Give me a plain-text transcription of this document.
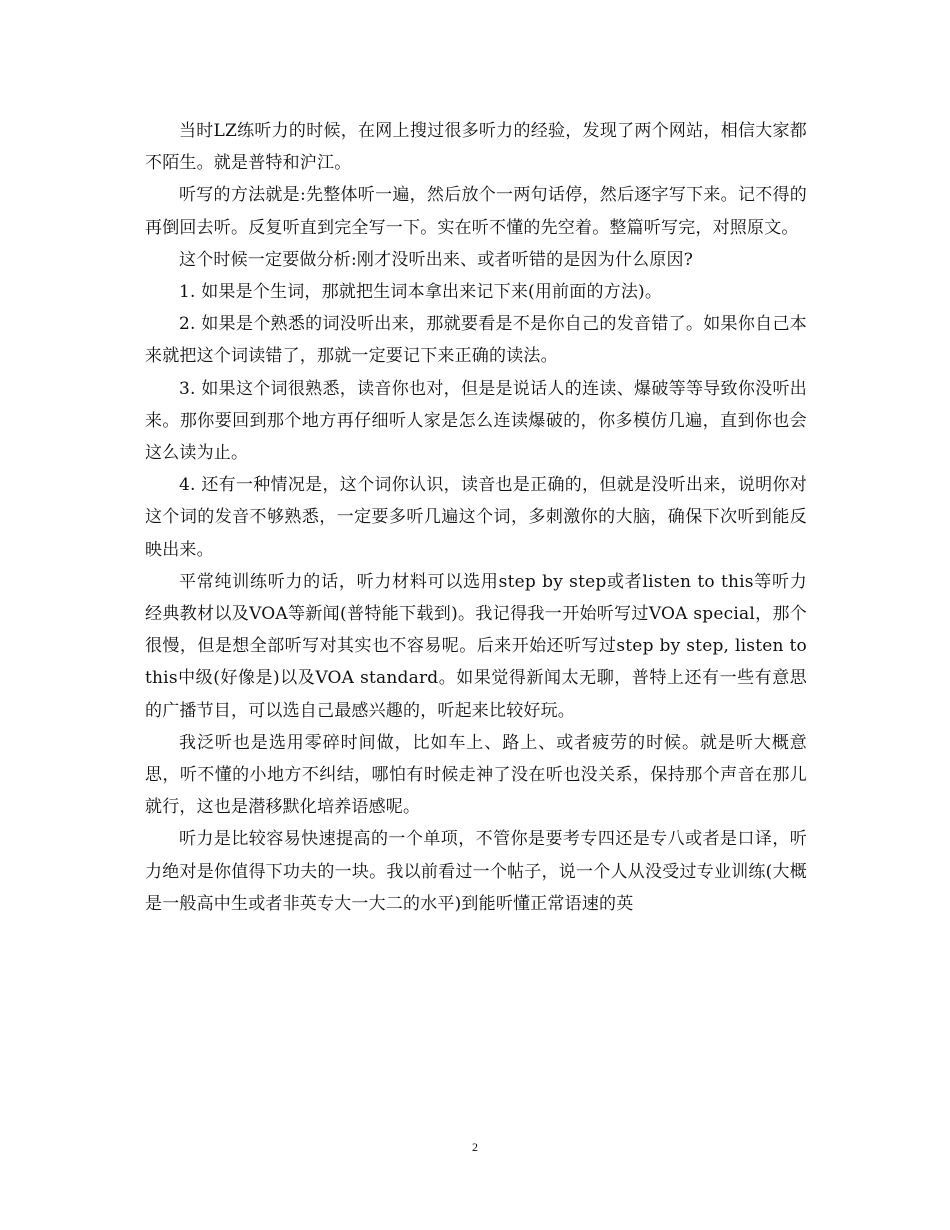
当时LZ练听力的时候，在网上搜过很多听力的经验，发现了两个网站，相信大家都不陌生。就是普特和沪江。

听写的方法就是:先整体听一遍，然后放个一两句话停，然后逐字写下来。记不得的再倒回去听。反复听直到完全写一下。实在听不懂的先空着。整篇听写完，对照原文。

这个时候一定要做分析:刚才没听出来、或者听错的是因为什么原因?

1. 如果是个生词，那就把生词本拿出来记下来(用前面的方法)。

2. 如果是个熟悉的词没听出来，那就要看是不是你自己的发音错了。如果你自己本来就把这个词读错了，那就一定要记下来正确的读法。

3. 如果这个词很熟悉，读音你也对，但是是说话人的连读、爆破等等导致你没听出来。那你要回到那个地方再仔细听人家是怎么连读爆破的，你多模仿几遍，直到你也会这么读为止。

4. 还有一种情况是，这个词你认识，读音也是正确的，但就是没听出来，说明你对这个词的发音不够熟悉，一定要多听几遍这个词，多刺激你的大脑，确保下次听到能反映出来。

平常纯训练听力的话，听力材料可以选用step by step或者listen to this等听力经典教材以及VOA等新闻(普特能下载到)。我记得我一开始听写过VOA special，那个很慢，但是想全部听写对其实也不容易呢。后来开始还听写过step by step, listen to this中级(好像是)以及VOA standard。如果觉得新闻太无聊，普特上还有一些有意思的广播节目，可以选自己最感兴趣的，听起来比较好玩。

我泛听也是选用零碎时间做，比如车上、路上、或者疲劳的时候。就是听大概意思，听不懂的小地方不纠结，哪怕有时候走神了没在听也没关系，保持那个声音在那儿就行，这也是潜移默化培养语感呢。

听力是比较容易快速提高的一个单项，不管你是要考专四还是专八或者是口译，听力绝对是你值得下功夫的一块。我以前看过一个帖子，说一个人从没受过专业训练(大概是一般高中生或者非英专大一大二的水平)到能听懂正常语速的英

2
